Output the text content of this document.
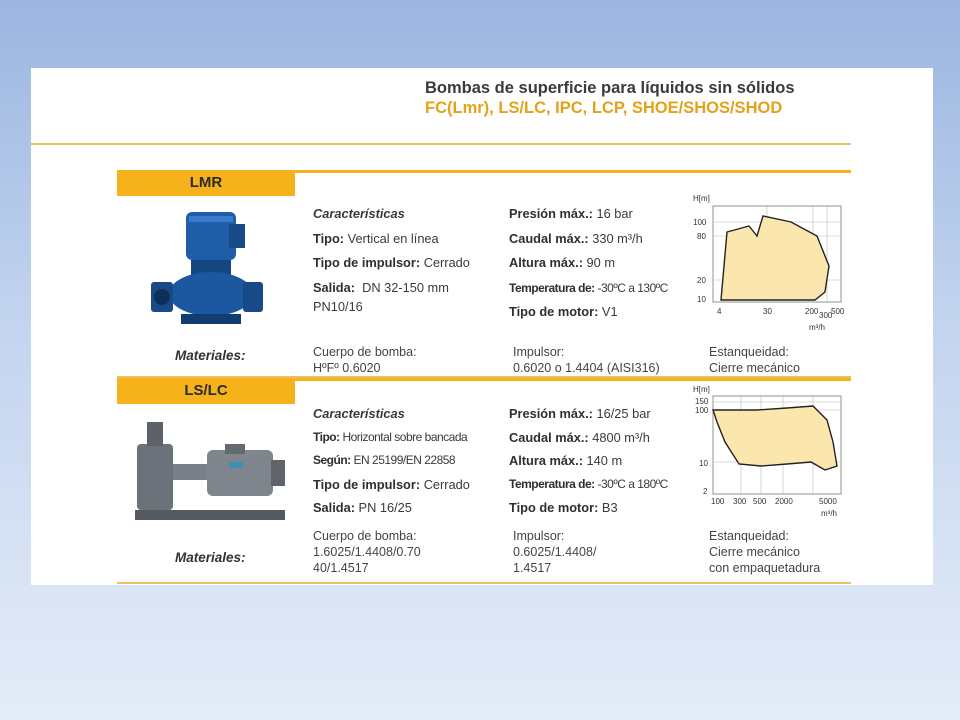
Bombas de superficie para líquidos sin sólidos
FC(Lmr), LS/LC, IPC, LCP, SHOE/SHOS/SHOD
LMR
Materiales:
Características
Tipo: Vertical en línea
Tipo de impulsor: Cerrado
Salida: DN 32-150 mm
PN10/16
Presión máx.: 16 bar
Caudal máx.: 330 m³/h
Altura máx.: 90 m
Temperatura de: -30ºC a 130ºC
Tipo de motor: V1
Cuerpo de bomba:
HºFº 0.6020
Impulsor:
0.6020 o 1.4404 (AISI316)
Estanqueidad:
Cierre mecánico
H[m]
100
80
20
10
4	30	200 300
500
m³/h
LS/LC
Materiales:
Características
Tipo: Horizontal sobre bancada
Según: EN 25199/EN 22858
Tipo de impulsor: Cerrado
Salida: PN 16/25
Presión máx.: 16/25 bar
Caudal máx.: 4800 m³/h
Altura máx.: 140 m
Temperatura de: -30ºC a 180ºC
Tipo de motor: B3
Cuerpo de bomba:
1.6025/1.4408/0.70
40/1.4517
Impulsor:
0.6025/1.4408/
1.4517
Estanqueidad:
Cierre mecánico
con empaquetadura
H[m]
150
100
10
2
100 300 500 2000	5000
m³/h
